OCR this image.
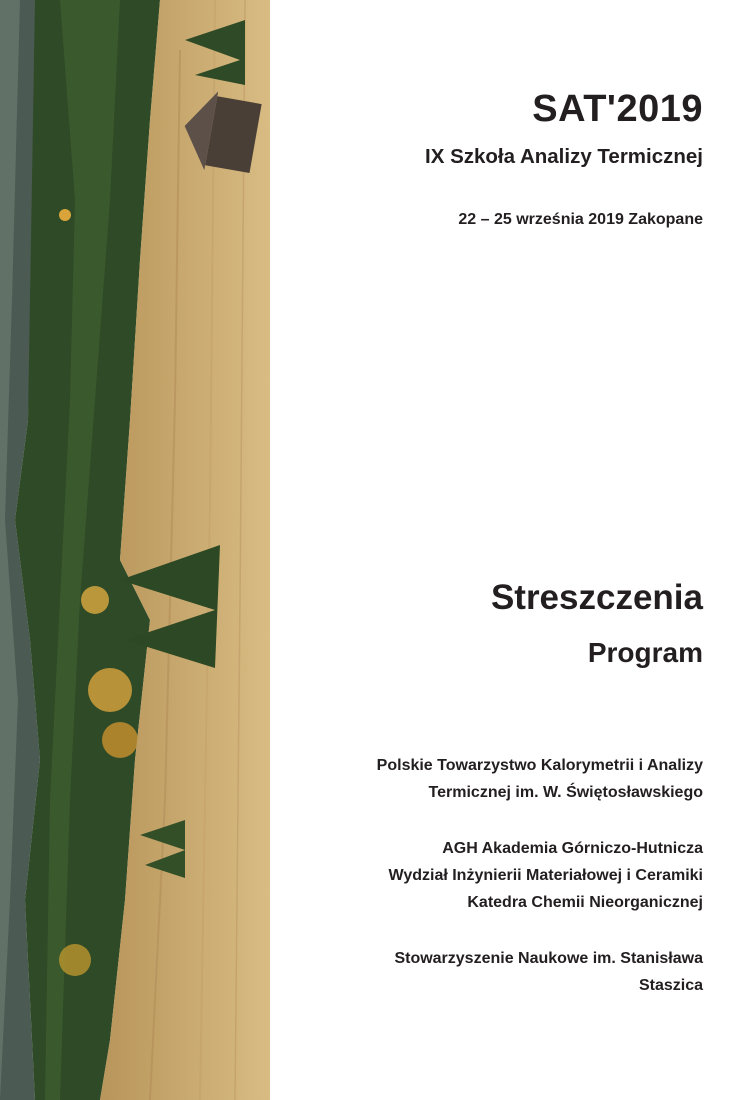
SAT'2019
IX Szkoła Analizy Termicznej

22 – 25 września 2019 Zakopane

Streszczenia
Program
Polskie Towarzystwo Kalorymetrii i Analizy
Termicznej im. W. Świętosławskiego
AGH Akademia Górniczo-Hutnicza
Wydział Inżynierii Materiałowej i Ceramiki
Katedra Chemii Nieorganicznej
Stowarzyszenie Naukowe im. Stanisława
Staszica
